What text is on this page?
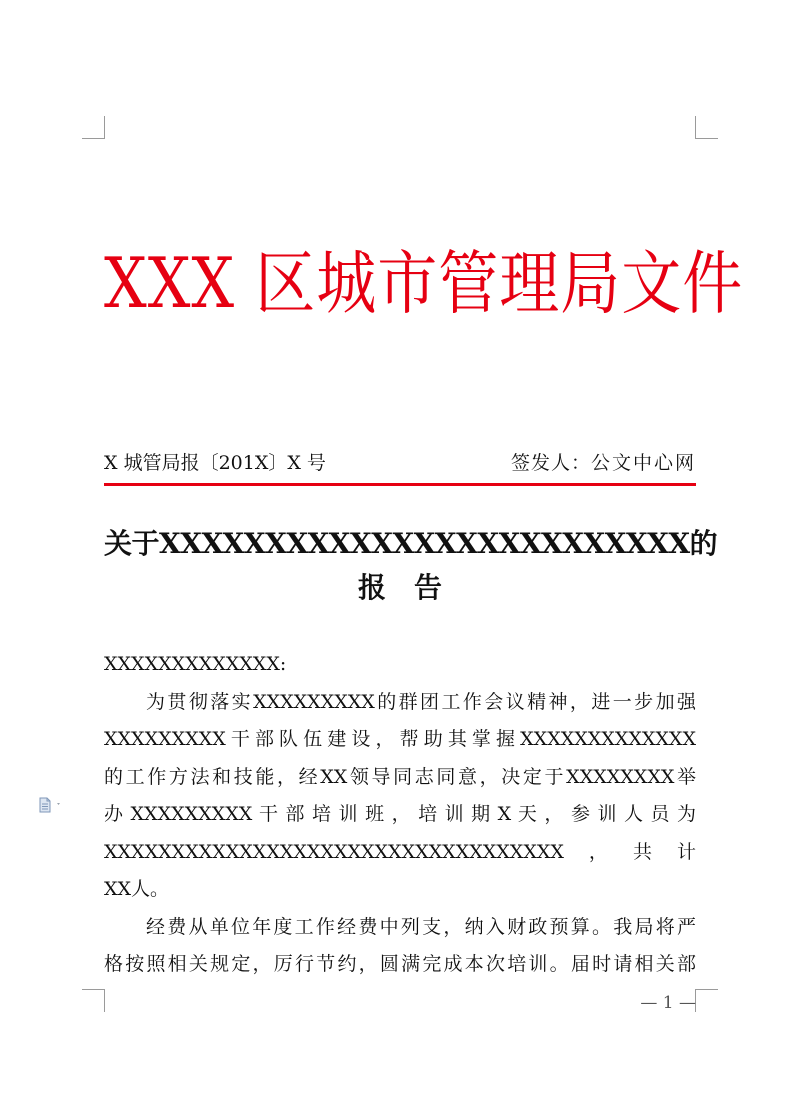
XXX 区城市管理局文件
X 城管局报〔201X〕X 号	签发人：公文中心网
关于XXXXXXXXXXXXXXXXXXXXXXXXX的
报告
XXXXXXXXXXXXX:
为贯彻落实XXXXXXXXX的群团工作会议精神，进一步加强
XXXXXXXXX干部队伍建设，帮助其掌握XXXXXXXXXXXXX
的工作方法和技能，经XX领导同志同意，决定于XXXXXXXX举
办 XXXXXXXXX 干 部 培 训 班 ， 培 训 期 X 天 ， 参 训 人 员 为
XXXXXXXXXXXXXXXXXXXXXXXXXXXXXXXXXX，共计
XX人。
经费从单位年度工作经费中列支，纳入财政预算。我局将严
格按照相关规定，厉行节约，圆满完成本次培训。届时请相关部
— 1 —
